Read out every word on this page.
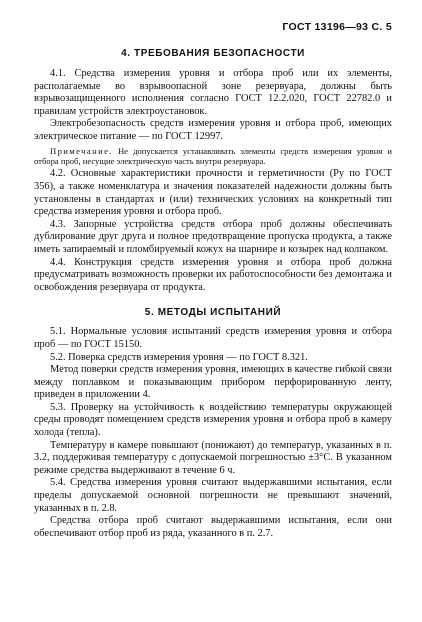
ГОСТ 13196—93 С. 5
4. ТРЕБОВАНИЯ БЕЗОПАСНОСТИ

4.1. Средства измерения уровня и отбора проб или их элементы, располагаемые во взрывоопасной зоне резервуара, должны быть взрывозащищенного исполнения согласно ГОСТ 12.2.020, ГОСТ 22782.0 и правилам устройств электроустановок.

Электробезопасность средств измерения уровня и отбора проб, имеющих электрическое питание — по ГОСТ 12997.

Примечание. Не допускается устанавливать элементы средств измерения уровня и отбора проб, несущие электрическую часть внутри резервуара.

4.2. Основные характеристики прочности и герметичности (Pу по ГОСТ 356), а также номенклатура и значения показателей надежности должны быть установлены в стандартах и (или) технических условиях на конкретный тип средства измерения уровня и отбора проб.

4.3. Запорные устройства средств отбора проб должны обеспечивать дублирование друг друга и полное предотвращение пропуска продукта, а также иметь запираемый и пломбируемый кожух на шарнире и козырек над колпаком.

4.4. Конструкция средств измерения уровня и отбора проб должна предусматривать возможность проверки их работоспособности без демонтажа и освобождения резервуара от продукта.

5. МЕТОДЫ ИСПЫТАНИЙ

5.1. Нормальные условия испытаний средств измерения уровня и отбора проб — по ГОСТ 15150.

5.2. Поверка средств измерения уровня — по ГОСТ 8.321.

Метод поверки средств измерения уровня, имеющих в качестве гибкой связи между поплавком и показывающим прибором перфорированную ленту, приведен в приложении 4.

5.3. Проверку на устойчивость к воздействию температуры окружающей среды проводят помещением средств измерения уровня и отбора проб в камеру холода (тепла).

Температуру в камере повышают (понижают) до температур, указанных в п. 3.2, поддерживая температуру с допускаемой погрешностью ±3°С. В указанном режиме средства выдерживают в течение 6 ч.

5.4. Средства измерения уровня считают выдержавшими испытания, если пределы допускаемой основной погрешности не превышают значений, указанных в п. 2.8.

Средства отбора проб считают выдержавшими испытания, если они обеспечивают отбор проб из ряда, указанного в п. 2.7.
